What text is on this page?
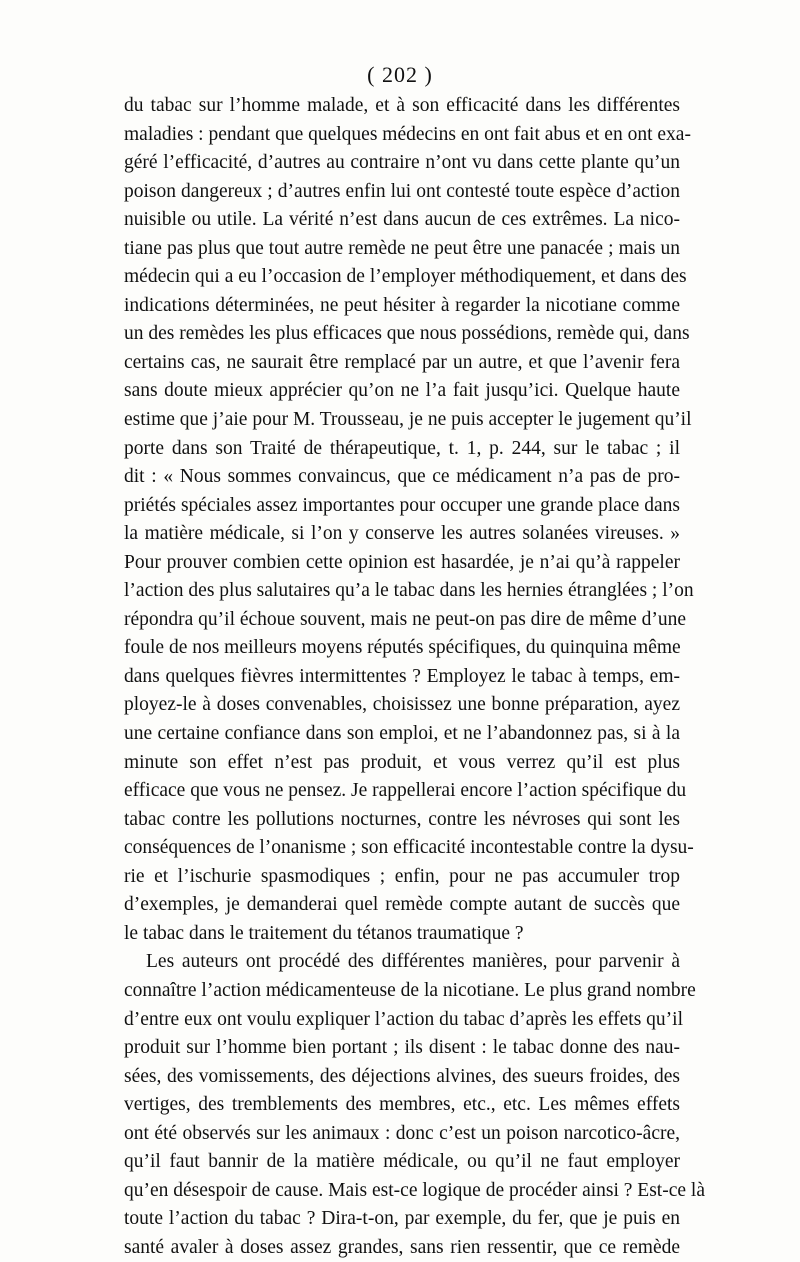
( 202 )
du tabac sur l’homme malade, et à son efficacité dans les différentes
maladies : pendant que quelques médecins en ont fait abus et en ont exa-
géré l’efficacité, d’autres au contraire n’ont vu dans cette plante qu’un
poison dangereux ; d’autres enfin lui ont contesté toute espèce d’action
nuisible ou utile. La vérité n’est dans aucun de ces extrêmes. La nico-
tiane pas plus que tout autre remède ne peut être une panacée ; mais un
médecin qui a eu l’occasion de l’employer méthodiquement, et dans des
indications déterminées, ne peut hésiter à regarder la nicotiane comme
un des remèdes les plus efficaces que nous possédions, remède qui, dans
certains cas, ne saurait être remplacé par un autre, et que l’avenir fera
sans doute mieux apprécier qu’on ne l’a fait jusqu’ici. Quelque haute
estime que j’aie pour M. Trousseau, je ne puis accepter le jugement qu’il
porte dans son Traité de thérapeutique, t. 1, p. 244, sur le tabac ; il
dit : « Nous sommes convaincus, que ce médicament n’a pas de pro-
priétés spéciales assez importantes pour occuper une grande place dans
la matière médicale, si l’on y conserve les autres solanées vireuses. »
Pour prouver combien cette opinion est hasardée, je n’ai qu’à rappeler
l’action des plus salutaires qu’a le tabac dans les hernies étranglées ; l’on
répondra qu’il échoue souvent, mais ne peut-on pas dire de même d’une
foule de nos meilleurs moyens réputés spécifiques, du quinquina même
dans quelques fièvres intermittentes ? Employez le tabac à temps, em-
ployez-le à doses convenables, choisissez une bonne préparation, ayez
une certaine confiance dans son emploi, et ne l’abandonnez pas, si à la
minute son effet n’est pas produit, et vous verrez qu’il est plus
efficace que vous ne pensez. Je rappellerai encore l’action spécifique du
tabac contre les pollutions nocturnes, contre les névroses qui sont les
conséquences de l’onanisme ; son efficacité incontestable contre la dysu-
rie et l’ischurie spasmodiques ; enfin, pour ne pas accumuler trop
d’exemples, je demanderai quel remède compte autant de succès que
le tabac dans le traitement du tétanos traumatique ?
Les auteurs ont procédé des différentes manières, pour parvenir à
connaître l’action médicamenteuse de la nicotiane. Le plus grand nombre
d’entre eux ont voulu expliquer l’action du tabac d’après les effets qu’il
produit sur l’homme bien portant ; ils disent : le tabac donne des nau-
sées, des vomissements, des déjections alvines, des sueurs froides, des
vertiges, des tremblements des membres, etc., etc. Les mêmes effets
ont été observés sur les animaux : donc c’est un poison narcotico-âcre,
qu’il faut bannir de la matière médicale, ou qu’il ne faut employer
qu’en désespoir de cause. Mais est-ce logique de procéder ainsi ? Est-ce là
toute l’action du tabac ? Dira-t-on, par exemple, du fer, que je puis en
santé avaler à doses assez grandes, sans rien ressentir, que ce remède
